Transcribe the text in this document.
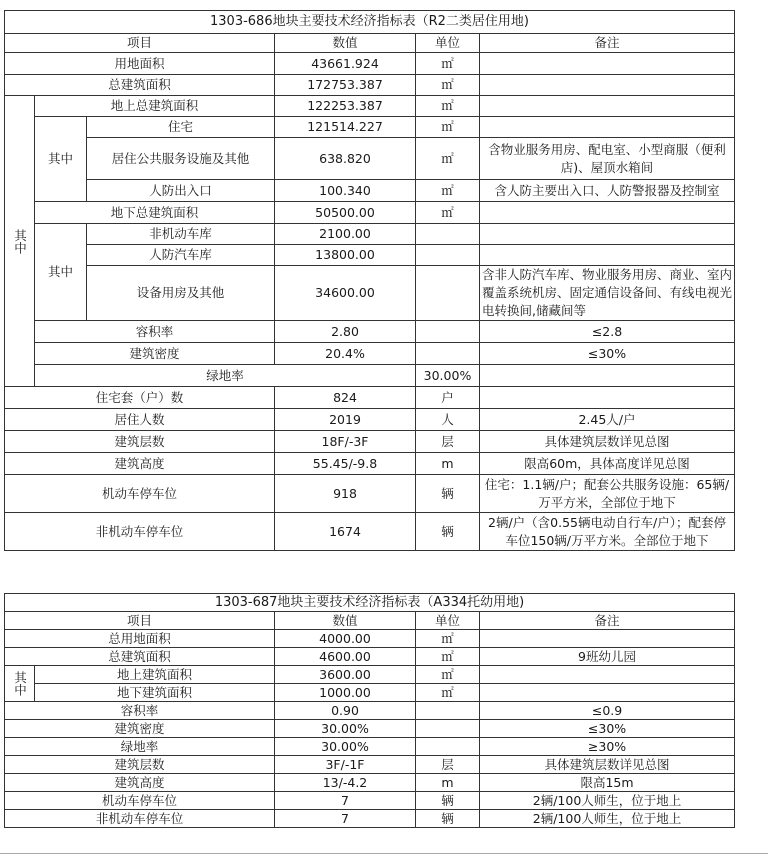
1303-686地块主要技术经济指标表（R2二类居住用地)						
项目			数值	单位	备注	
用地面积			43661.924	㎡		
总建筑面积			172753.387	㎡		
其中	地上总建筑面积		122253.387	㎡		
	其中	住宅	121514.227	㎡		
		居住公共服务设施及其他	638.820	㎡	含物业服务用房、配电室、小型商服（便利店)、屋顶水箱间	
		人防出入口	100.340	㎡	含人防主要出入口、人防警报器及控制室	
	地下总建筑面积		50500.00	㎡		
	其中	非机动车库	2100.00			
		人防汽车库	13800.00			
		设备用房及其他	34600.00		含非人防汽车库、物业服务用房、商业、室内覆盖系统机房、固定通信设备间、有线电视光电转换间,储藏间等	
	容积率		2.80		≤2.8	
	建筑密度		20.4%		≤30%	
	绿地率			30.00%		
住宅套（户）数			824	户		
居住人数			2019	人	2.45人/户	
建筑层数			18F/-3F	层	具体建筑层数详见总图	
建筑高度			55.45/-9.8	m	限高60m，具体高度详见总图	
机动车停车位			918	辆	住宅：1.1辆/户；配套公共服务设施：65辆/万平方米，全部位于地下	
非机动车停车位			1674	辆	2辆/户（含0.55辆电动自行车/户）；配套停车位150辆/万平方米。全部位于地下	
1303-687地块主要技术经济指标表（A334托幼用地)				
项目		数值	单位	备注
总用地面积		4000.00	㎡	
总建筑面积		4600.00	㎡	9班幼儿园
其中	地上建筑面积	3600.00	㎡	
	地下建筑面积	1000.00	㎡	
容积率		0.90		≤0.9
建筑密度		30.00%		≤30%
绿地率		30.00%		≥30%
建筑层数		3F/-1F	层	具体建筑层数详见总图
建筑高度		13/-4.2	m	限高15m
机动车停车位		7	辆	2辆/100人师生，位于地上
非机动车停车位		7	辆	2辆/100人师生，位于地上
